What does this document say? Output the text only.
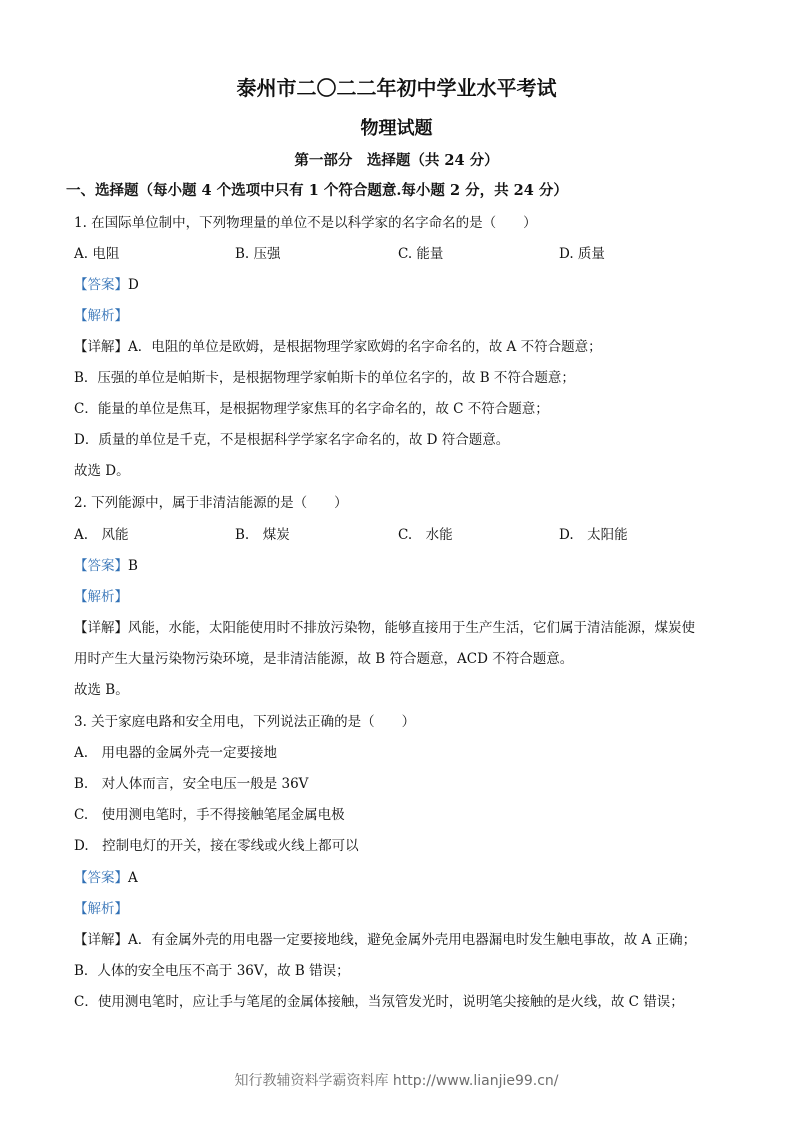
泰州市二〇二二年初中学业水平考试
物理试题
第一部分　选择题（共 24 分）
一、选择题（每小题 4 个选项中只有 1 个符合题意.每小题 2 分，共 24 分）
1. 在国际单位制中，下列物理量的单位不是以科学家的名字命名的是（　　）
A. 电阻	B. 压强	C. 能量	D. 质量
【答案】D
【解析】
【详解】A．电阻的单位是欧姆，是根据物理学家欧姆的名字命名的，故 A 不符合题意；
B．压强的单位是帕斯卡，是根据物理学家帕斯卡的单位名字的，故 B 不符合题意；
C．能量的单位是焦耳，是根据物理学家焦耳的名字命名的，故 C 不符合题意；
D．质量的单位是千克，不是根据科学学家名字命名的，故 D 符合题意。
故选 D。
2. 下列能源中，属于非清洁能源的是（　　）
A.　风能	B.　煤炭	C.　水能	D.　太阳能
【答案】B
【解析】
【详解】风能，水能，太阳能使用时不排放污染物，能够直接用于生产生活，它们属于清洁能源，煤炭使
用时产生大量污染物污染环境，是非清洁能源，故 B 符合题意，ACD 不符合题意。
故选 B。
3. 关于家庭电路和安全用电，下列说法正确的是（　　）
A.　用电器的金属外壳一定要接地
B.　对人体而言，安全电压一般是 36V
C.　使用测电笔时，手不得接触笔尾金属电极
D.　控制电灯的开关，接在零线或火线上都可以
【答案】A
【解析】
【详解】A．有金属外壳的用电器一定要接地线，避免金属外壳用电器漏电时发生触电事故，故 A 正确；
B．人体的安全电压不高于 36V，故 B 错误；
C．使用测电笔时，应让手与笔尾的金属体接触，当氖管发光时，说明笔尖接触的是火线，故 C 错误；
知行教辅资料学霸资料库 http://www.lianjie99.cn/
